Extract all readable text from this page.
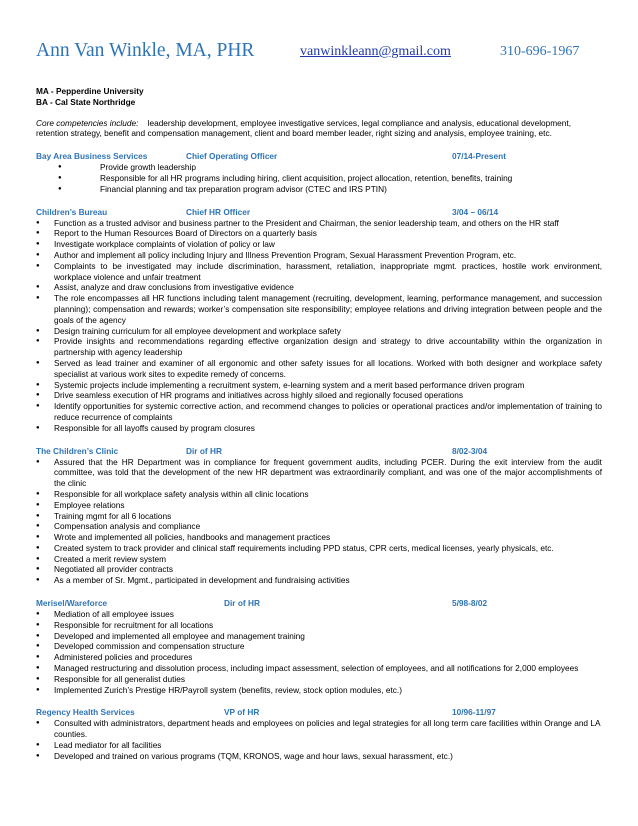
Ann Van Winkle, MA, PHR	vanwinkleann@gmail.com	310-696-1967
MA - Pepperdine University
BA - Cal State Northridge
Core competencies include: leadership development, employee investigative services, legal compliance and analysis, educational development, retention strategy, benefit and compensation management, client and board member leader, right sizing and analysis, employee training, etc.
Bay Area Business Services	Chief Operating Officer	07/14-Present
● Provide growth leadership
● Responsible for all HR programs including hiring, client acquisition, project allocation, retention, benefits, training
● Financial planning and tax preparation program advisor (CTEC and IRS PTIN)
Children’s Bureau	Chief HR Officer	3/04 – 06/14
● Function as a trusted advisor and business partner to the President and Chairman, the senior leadership team, and others on the HR staff
● Report to the Human Resources Board of Directors on a quarterly basis
● Investigate workplace complaints of violation of policy or law
● Author and implement all policy including Injury and Illness Prevention Program, Sexual Harassment Prevention Program, etc.
● Complaints to be investigated may include discrimination, harassment, retaliation, inappropriate mgmt. practices, hostile work environment, workplace violence and unfair treatment
● Assist, analyze and draw conclusions from investigative evidence
● The role encompasses all HR functions including talent management (recruiting, development, learning, performance management, and succession planning); compensation and rewards; worker’s compensation site responsibility; employee relations and driving integration between people and the goals of the agency
● Design training curriculum for all employee development and workplace safety
● Provide insights and recommendations regarding effective organization design and strategy to drive accountability within the organization in partnership with agency leadership
● Served as lead trainer and examiner of all ergonomic and other safety issues for all locations. Worked with both designer and workplace safety specialist at various work sites to expedite remedy of concerns.
● Systemic projects include implementing a recruitment system, e-learning system and a merit based performance driven program
● Drive seamless execution of HR programs and initiatives across highly siloed and regionally focused operations
● Identify opportunities for systemic corrective action, and recommend changes to policies or operational practices and/or implementation of training to reduce recurrence of complaints
● Responsible for all layoffs caused by program closures
The Children’s Clinic	Dir of HR	8/02-3/04
● Assured that the HR Department was in compliance for frequent government audits, including PCER. During the exit interview from the audit committee, was told that the development of the new HR department was extraordinarily compliant, and was one of the major accomplishments of the clinic
● Responsible for all workplace safety analysis within all clinic locations
● Employee relations
● Training mgmt for all 6 locations
● Compensation analysis and compliance
● Wrote and implemented all policies, handbooks and management practices
● Created system to track provider and clinical staff requirements including PPD status, CPR certs, medical licenses, yearly physicals, etc.
● Created a merit review system
● Negotiated all provider contracts
● As a member of Sr. Mgmt., participated in development and fundraising activities
Merisel/Wareforce	Dir of HR	5/98-8/02
● Mediation of all employee issues
● Responsible for recruitment for all locations
● Developed and implemented all employee and management training
● Developed commission and compensation structure
● Administered policies and procedures
● Managed restructuring and dissolution process, including impact assessment, selection of employees, and all notifications for 2,000 employees
● Responsible for all generalist duties
● Implemented Zurich’s Prestige HR/Payroll system (benefits, review, stock option modules, etc.)
Regency Health Services	VP of HR	10/96-11/97
● Consulted with administrators, department heads and employees on policies and legal strategies for all long term care facilities within Orange and LA counties.
● Lead mediator for all facilities
● Developed and trained on various programs (TQM, KRONOS, wage and hour laws, sexual harassment, etc.)
